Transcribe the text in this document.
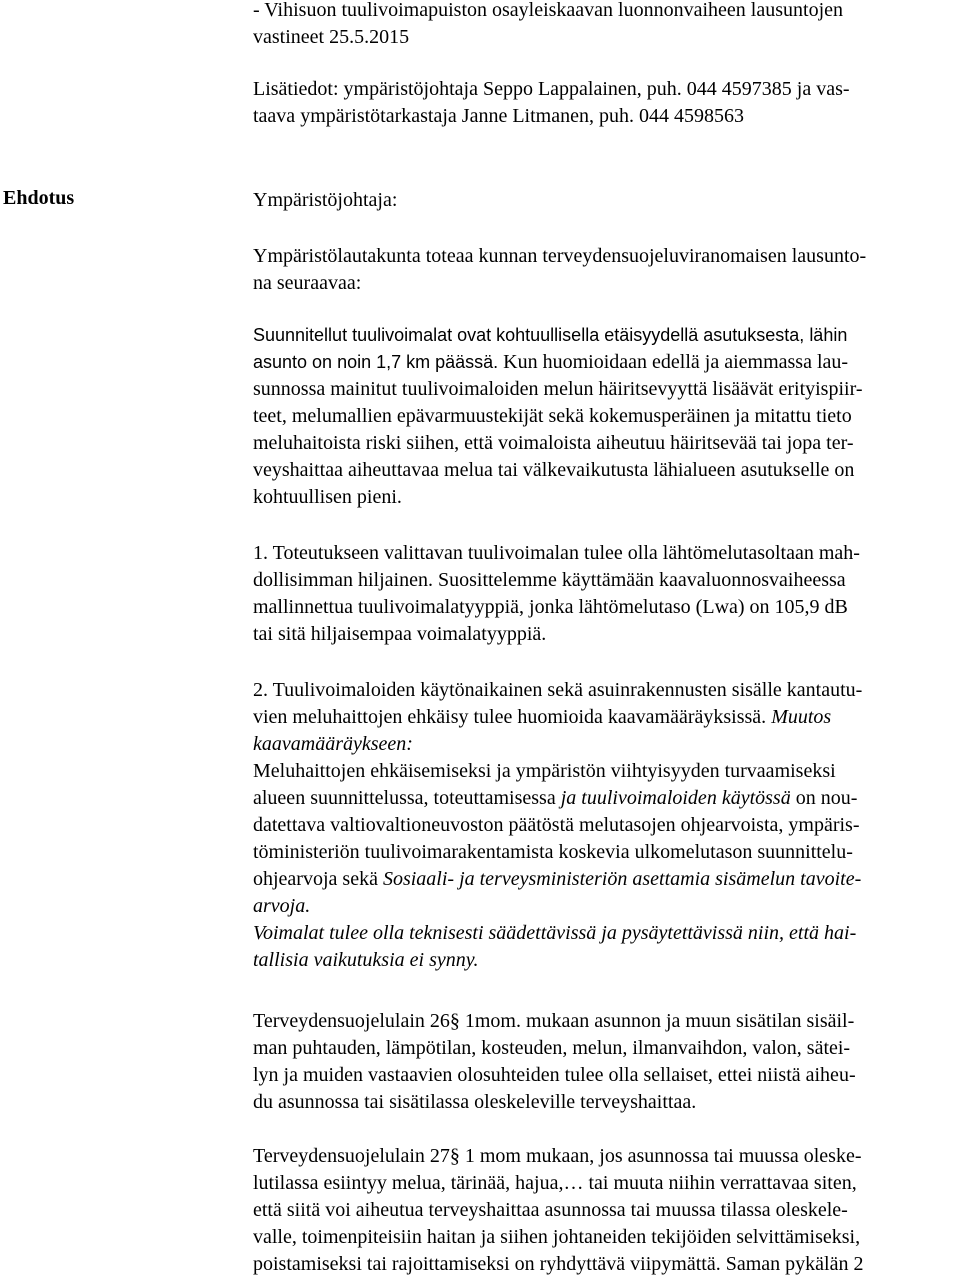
Ehdotus
- Vihisuon tuulivoimapuiston osayleiskaavan luonnonvaiheen lausuntojen
vastineet 25.5.2015
Lisätiedot: ympäristöjohtaja Seppo Lappalainen, puh. 044 4597385 ja vas-
taava ympäristötarkastaja Janne Litmanen, puh. 044 4598563
Ympäristöjohtaja:
Ympäristölautakunta toteaa kunnan terveydensuojeluviranomaisen lausunto-
na seuraavaa:
Suunnitellut tuulivoimalat ovat kohtuullisella etäisyydellä asutuksesta, lähin
asunto on noin 1,7 km päässä. Kun huomioidaan edellä ja aiemmassa lau-
sunnossa mainitut tuulivoimaloiden melun häiritsevyyttä lisäävät erityispiir-
teet, melumallien epävarmuustekijät sekä kokemusperäinen ja mitattu tieto
meluhaitoista riski siihen, että voimaloista aiheutuu häiritsevää tai jopa ter-
veyshaittaa aiheuttavaa melua tai välkevaikutusta lähialueen asutukselle on
kohtuullisen pieni.
1. Toteutukseen valittavan tuulivoimalan tulee olla lähtömelutasoltaan mah-
dollisimman hiljainen. Suosittelemme käyttämään kaavaluonnosvaiheessa
mallinnettua tuulivoimalatyyppiä, jonka lähtömelutaso (Lwa) on 105,9 dB
tai sitä hiljaisempaa voimalatyyppiä.
2. Tuulivoimaloiden käytönaikainen sekä asuinrakennusten sisälle kantautu-
vien meluhaittojen ehkäisy tulee huomioida kaavamääräyksissä. Muutos
kaavamääräykseen:
Meluhaittojen ehkäisemiseksi ja ympäristön viihtyisyyden turvaamiseksi
alueen suunnittelussa, toteuttamisessa ja tuulivoimaloiden käytössä on nou-
datettava valtiovaltioneuvoston päätöstä melutasojen ohjearvoista, ympäris-
töministeriön tuulivoimarakentamista koskevia ulkomelutason suunnittelu-
ohjearvoja sekä Sosiaali- ja terveysministeriön asettamia sisämelun tavoite-
arvoja.
Voimalat tulee olla teknisesti säädettävissä ja pysäytettävissä niin, että hai-
tallisia vaikutuksia ei synny.
Terveydensuojelulain 26§ 1mom. mukaan asunnon ja muun sisätilan sisäil-
man puhtauden, lämpötilan, kosteuden, melun, ilmanvaihdon, valon, sätei-
lyn ja muiden vastaavien olosuhteiden tulee olla sellaiset, ettei niistä aiheu-
du asunnossa tai sisätilassa oleskeleville terveyshaittaa.
Terveydensuojelulain 27§ 1 mom mukaan, jos asunnossa tai muussa oleske-
lutilassa esiintyy melua, tärinää, hajua,… tai muuta niihin verrattavaa siten,
että siitä voi aiheutua terveyshaittaa asunnossa tai muussa tilassa oleskele-
valle, toimenpiteisiin haitan ja siihen johtaneiden tekijöiden selvittämiseksi,
poistamiseksi tai rajoittamiseksi on ryhdyttävä viipymättä. Saman pykälän 2
